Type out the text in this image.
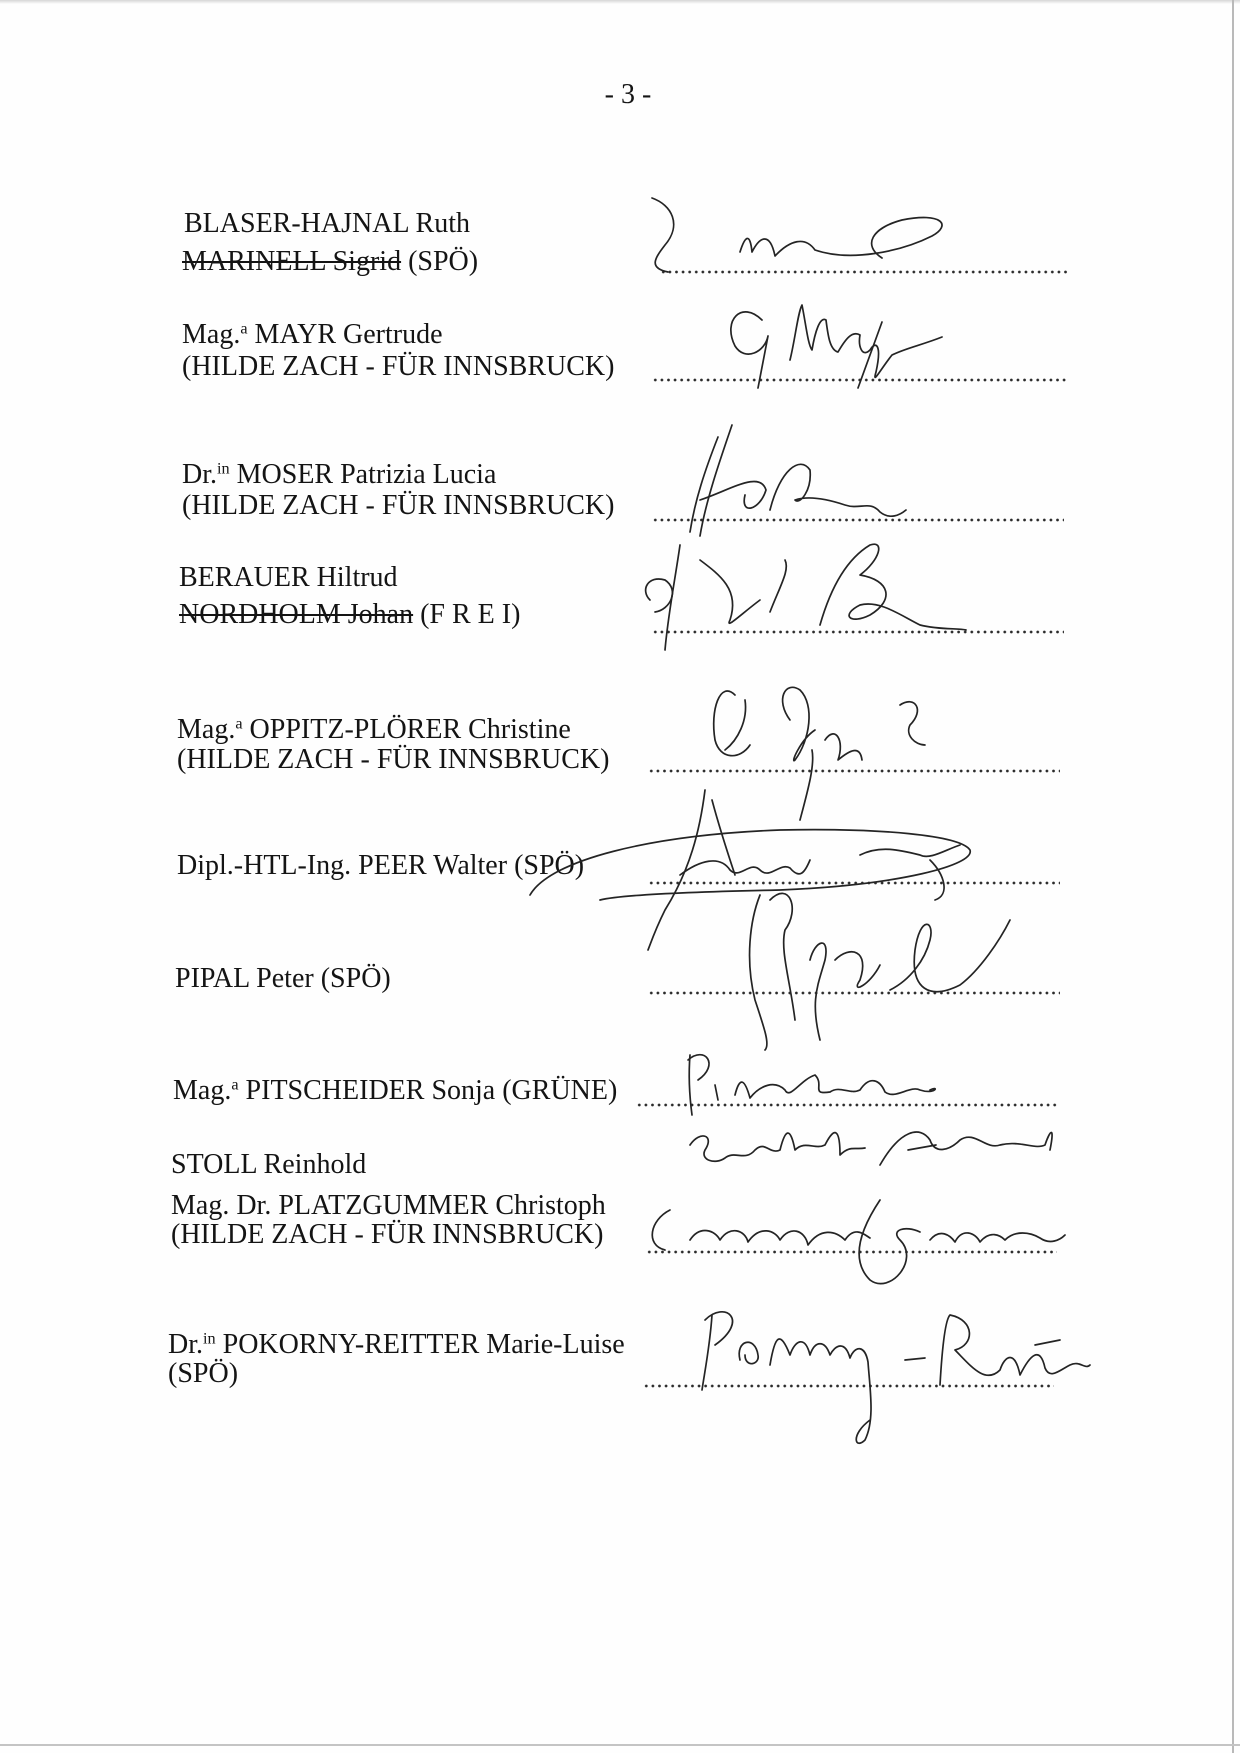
- 3 -
BLASER-HAJNAL Ruth
MARINELL Sigrid (SPÖ)
Mag.$^a$ MAYR Gertrude
(HILDE ZACH - FÜR INNSBRUCK)
Dr.$^{in}$ MOSER Patrizia Lucia
(HILDE ZACH - FÜR INNSBRUCK)
BERAUER Hiltrud
NORDHOLM Johan (F R E I)
Mag.$^a$ OPPITZ-PLÖRER Christine
(HILDE ZACH - FÜR INNSBRUCK)
Dipl.-HTL-Ing. PEER Walter (SPÖ)
PIPAL Peter (SPÖ)
Mag.$^a$ PITSCHEIDER Sonja (GRÜNE)
STOLL Reinhold
Mag. Dr. PLATZGUMMER Christoph
(HILDE ZACH - FÜR INNSBRUCK)
Dr.$^{in}$ POKORNY-REITTER Marie-Luise
(SPÖ)
